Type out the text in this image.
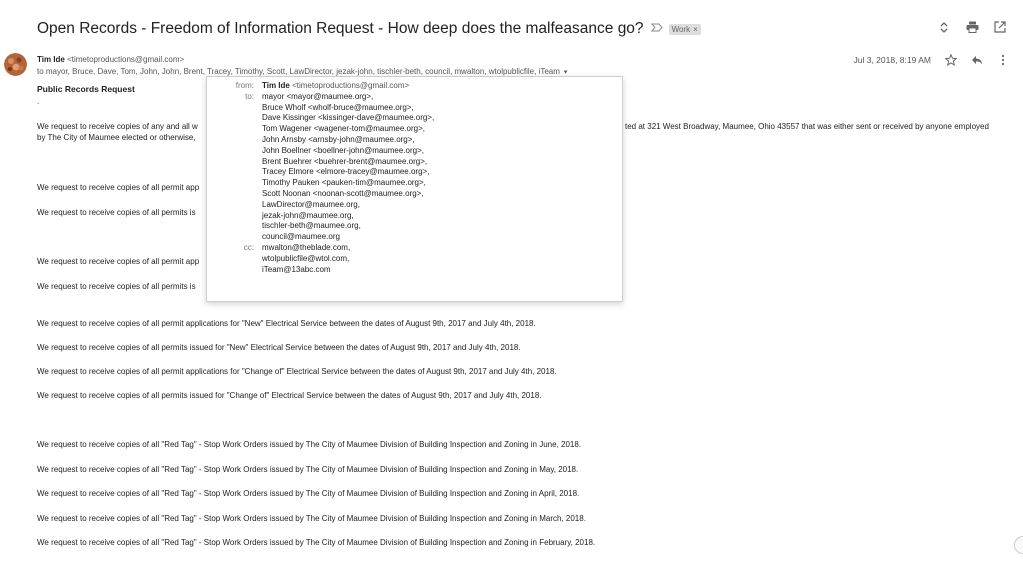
Open Records - Freedom of Information Request - How deep does the malfeasance go?	Work ×
Tim Ide <timetoproductions@gmail.com>
to mayor, Bruce, Dave, Tom, John, John, Brent, Tracey, Timothy, Scott, LawDirector, jezak-john, tischler-beth, council, mwalton, wtolpublicfile, iTeam ▾
Jul 3, 2018, 8:19 AM
Public Records Request
.
We request to receive copies of any and all w	ted at 321 West Broadway, Maumee, Ohio 43557 that was either sent or received by anyone employed
by The City of Maumee elected or otherwise,
We request to receive copies of all permit app
We request to receive copies of all permits is
We request to receive copies of all permit app
We request to receive copies of all permits is
We request to receive copies of all permit applications for "New" Electrical Service between the dates of August 9th, 2017 and July 4th, 2018.
We request to receive copies of all permits issued for "New" Electrical Service between the dates of August 9th, 2017 and July 4th, 2018.
We request to receive copies of all permit applications for "Change of" Electrical Service between the dates of August 9th, 2017 and July 4th, 2018.
We request to receive copies of all permits issued for "Change of" Electrical Service between the dates of August 9th, 2017 and July 4th, 2018.
We request to receive copies of all "Red Tag" - Stop Work Orders issued by The City of Maumee Division of Building Inspection and Zoning in June, 2018.
We request to receive copies of all "Red Tag" - Stop Work Orders issued by The City of Maumee Division of Building Inspection and Zoning in May, 2018.
We request to receive copies of all "Red Tag" - Stop Work Orders issued by The City of Maumee Division of Building Inspection and Zoning in April, 2018.
We request to receive copies of all "Red Tag" - Stop Work Orders issued by The City of Maumee Division of Building Inspection and Zoning in March, 2018.
We request to receive copies of all "Red Tag" - Stop Work Orders issued by The City of Maumee Division of Building Inspection and Zoning in February, 2018.
from:	Tim Ide <timetoproductions@gmail.com>
to:	mayor <mayor@maumee.org>,
Bruce Wholf <wholf-bruce@maumee.org>,
Dave Kissinger <kissinger-dave@maumee.org>,
Tom Wagener <wagener-tom@maumee.org>,
John Arnsby <arnsby-john@maumee.org>,
John Boellner <boellner-john@maumee.org>,
Brent Buehrer <buehrer-brent@maumee.org>,
Tracey Elmore <elmore-tracey@maumee.org>,
Timothy Pauken <pauken-tim@maumee.org>,
Scott Noonan <noonan-scott@maumee.org>,
LawDirector@maumee.org,
jezak-john@maumee.org,
tischler-beth@maumee.org,
council@maumee.org
cc:	mwalton@theblade.com,
wtolpublicfile@wtol.com,
iTeam@13abc.com
